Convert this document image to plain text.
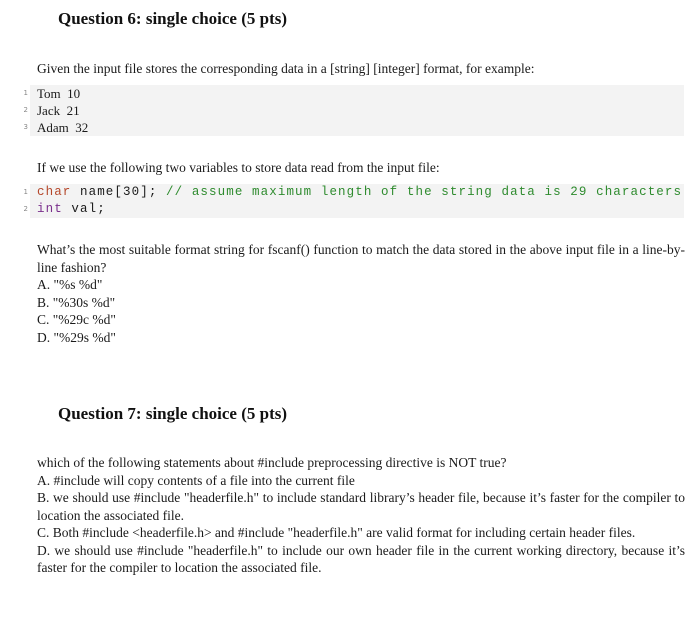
Question 6: single choice (5 pts)
Given the input file stores the corresponding data in a [string] [integer] format, for example:
1 Tom  10
2 Jack  21
3 Adam  32
If we use the following two variables to store data read from the input file:
1 char name[30]; // assume maximum length of the string data is 29 characters
2 int val;

What’s the most suitable format string for fscanf() function to match the data stored in the above input file in a line-by-line fashion?

A. "%s %d"
B. "%30s %d"
C. "%29c %d"
D. "%29s %d"
Question 7: single choice (5 pts)

which of the following statements about #include preprocessing directive is NOT true?

A. #include will copy contents of a file into the current file
B. we should use #include "headerfile.h" to include standard library’s header file, because it’s faster for the compiler to location the associated file.
C. Both #include <headerfile.h> and #include "headerfile.h" are valid format for including certain header files.
D. we should use #include "headerfile.h" to include our own header file in the current working directory, because it’s faster for the compiler to location the associated file.
